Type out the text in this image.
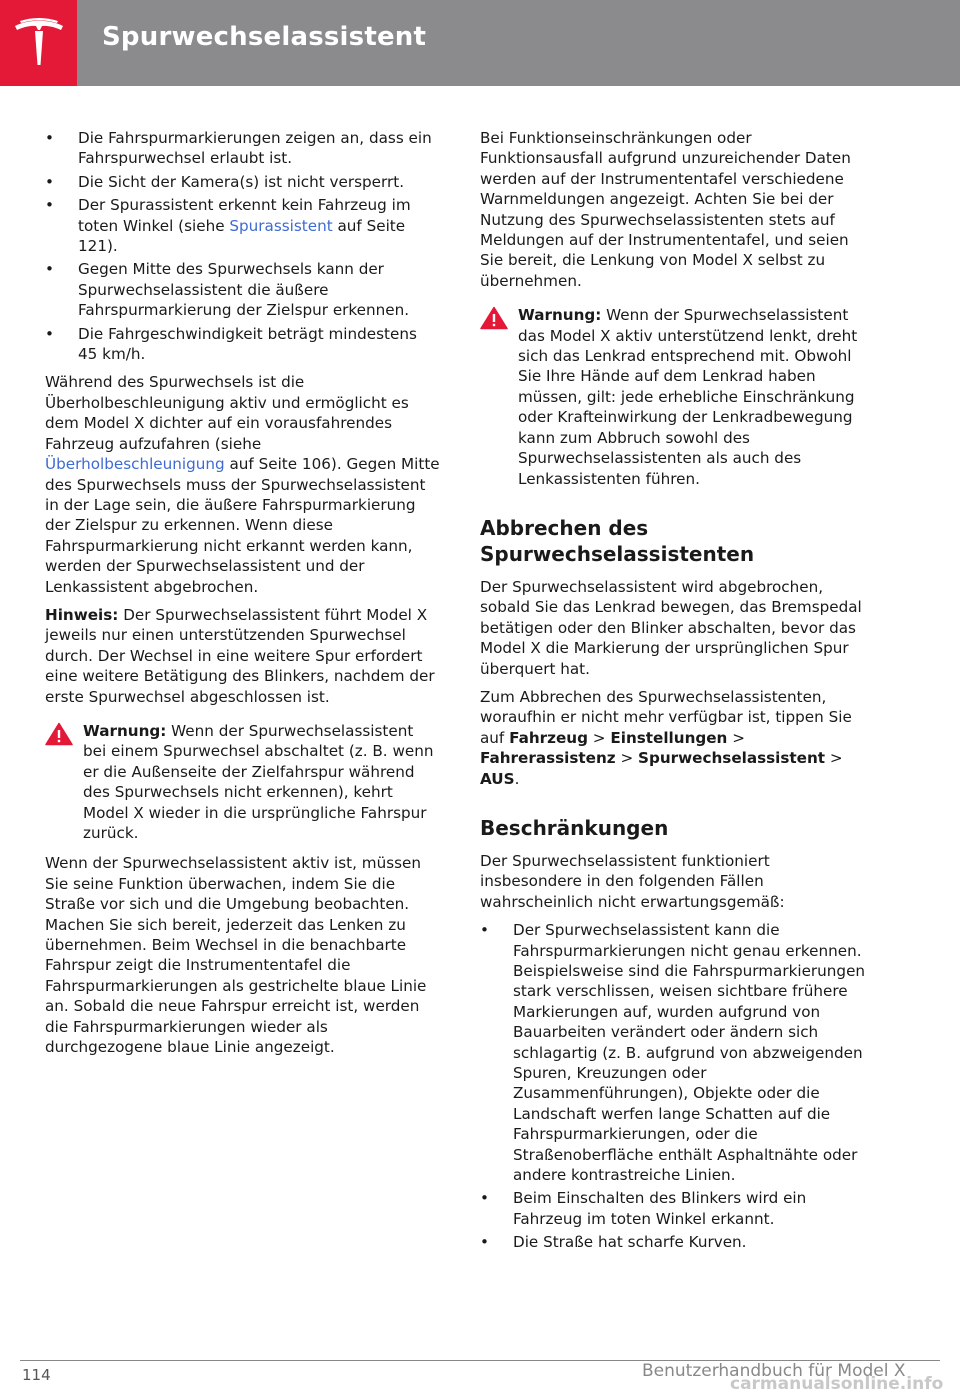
Spurwechselassistent
• Die Fahrspurmarkierungen zeigen an, dass ein Fahrspurwechsel erlaubt ist.
• Die Sicht der Kamera(s) ist nicht versperrt.
• Der Spurassistent erkennt kein Fahrzeug im toten Winkel (siehe Spurassistent auf Seite 121).
• Gegen Mitte des Spurwechsels kann der Spurwechselassistent die äußere Fahrspurmarkierung der Zielspur erkennen.
• Die Fahrgeschwindigkeit beträgt mindestens 45 km/h.

Während des Spurwechsels ist die Überholbeschleunigung aktiv und ermöglicht es dem Model X dichter auf ein vorausfahrendes Fahrzeug aufzufahren (siehe Überholbeschleunigung auf Seite 106). Gegen Mitte des Spurwechsels muss der Spurwechselassistent in der Lage sein, die äußere Fahrspurmarkierung der Zielspur zu erkennen. Wenn diese Fahrspurmarkierung nicht erkannt werden kann, werden der Spurwechselassistent und der Lenkassistent abgebrochen.

Hinweis: Der Spurwechselassistent führt Model X jeweils nur einen unterstützenden Spurwechsel durch. Der Wechsel in eine weitere Spur erfordert eine weitere Betätigung des Blinkers, nachdem der erste Spurwechsel abgeschlossen ist.

Warnung: Wenn der Spurwechselassistent bei einem Spurwechsel abschaltet (z. B. wenn er die Außenseite der Zielfahrspur während des Spurwechsels nicht erkennen), kehrt Model X wieder in die ursprüngliche Fahrspur zurück.

Wenn der Spurwechselassistent aktiv ist, müssen Sie seine Funktion überwachen, indem Sie die Straße vor sich und die Umgebung beobachten. Machen Sie sich bereit, jederzeit das Lenken zu übernehmen. Beim Wechsel in die benachbarte Fahrspur zeigt die Instrumententafel die Fahrspurmarkierungen als gestrichelte blaue Linie an. Sobald die neue Fahrspur erreicht ist, werden die Fahrspurmarkierungen wieder als durchgezogene blaue Linie angezeigt.

Bei Funktionseinschränkungen oder Funktionsausfall aufgrund unzureichender Daten werden auf der Instrumententafel verschiedene Warnmeldungen angezeigt. Achten Sie bei der Nutzung des Spurwechselassistenten stets auf Meldungen auf der Instrumententafel, und seien Sie bereit, die Lenkung von Model X selbst zu übernehmen.

Warnung: Wenn der Spurwechselassistent das Model X aktiv unterstützend lenkt, dreht sich das Lenkrad entsprechend mit. Obwohl Sie Ihre Hände auf dem Lenkrad haben müssen, gilt: jede erhebliche Einschränkung oder Krafteinwirkung der Lenkradbewegung kann zum Abbruch sowohl des Spurwechselassistenten als auch des Lenkassistenten führen.
Abbrechen des Spurwechselassistenten

Der Spurwechselassistent wird abgebrochen, sobald Sie das Lenkrad bewegen, das Bremspedal betätigen oder den Blinker abschalten, bevor das Model X die Markierung der ursprünglichen Spur überquert hat.

Zum Abbrechen des Spurwechselassistenten, woraufhin er nicht mehr verfügbar ist, tippen Sie auf Fahrzeug > Einstellungen > Fahrerassistenz > Spurwechselassistent > AUS.

Beschränkungen

Der Spurwechselassistent funktioniert insbesondere in den folgenden Fällen wahrscheinlich nicht erwartungsgemäß:

• Der Spurwechselassistent kann die Fahrspurmarkierungen nicht genau erkennen. Beispielsweise sind die Fahrspurmarkierungen stark verschlissen, weisen sichtbare frühere Markierungen auf, wurden aufgrund von Bauarbeiten verändert oder ändern sich schlagartig (z. B. aufgrund von abzweigenden Spuren, Kreuzungen oder Zusammenführungen), Objekte oder die Landschaft werfen lange Schatten auf die Fahrspurmarkierungen, oder die Straßenoberfläche enthält Asphaltnähte oder andere kontrastreiche Linien.
• Beim Einschalten des Blinkers wird ein Fahrzeug im toten Winkel erkannt.
• Die Straße hat scharfe Kurven.
114	Benutzerhandbuch für Model X
carmanualsonline.info
